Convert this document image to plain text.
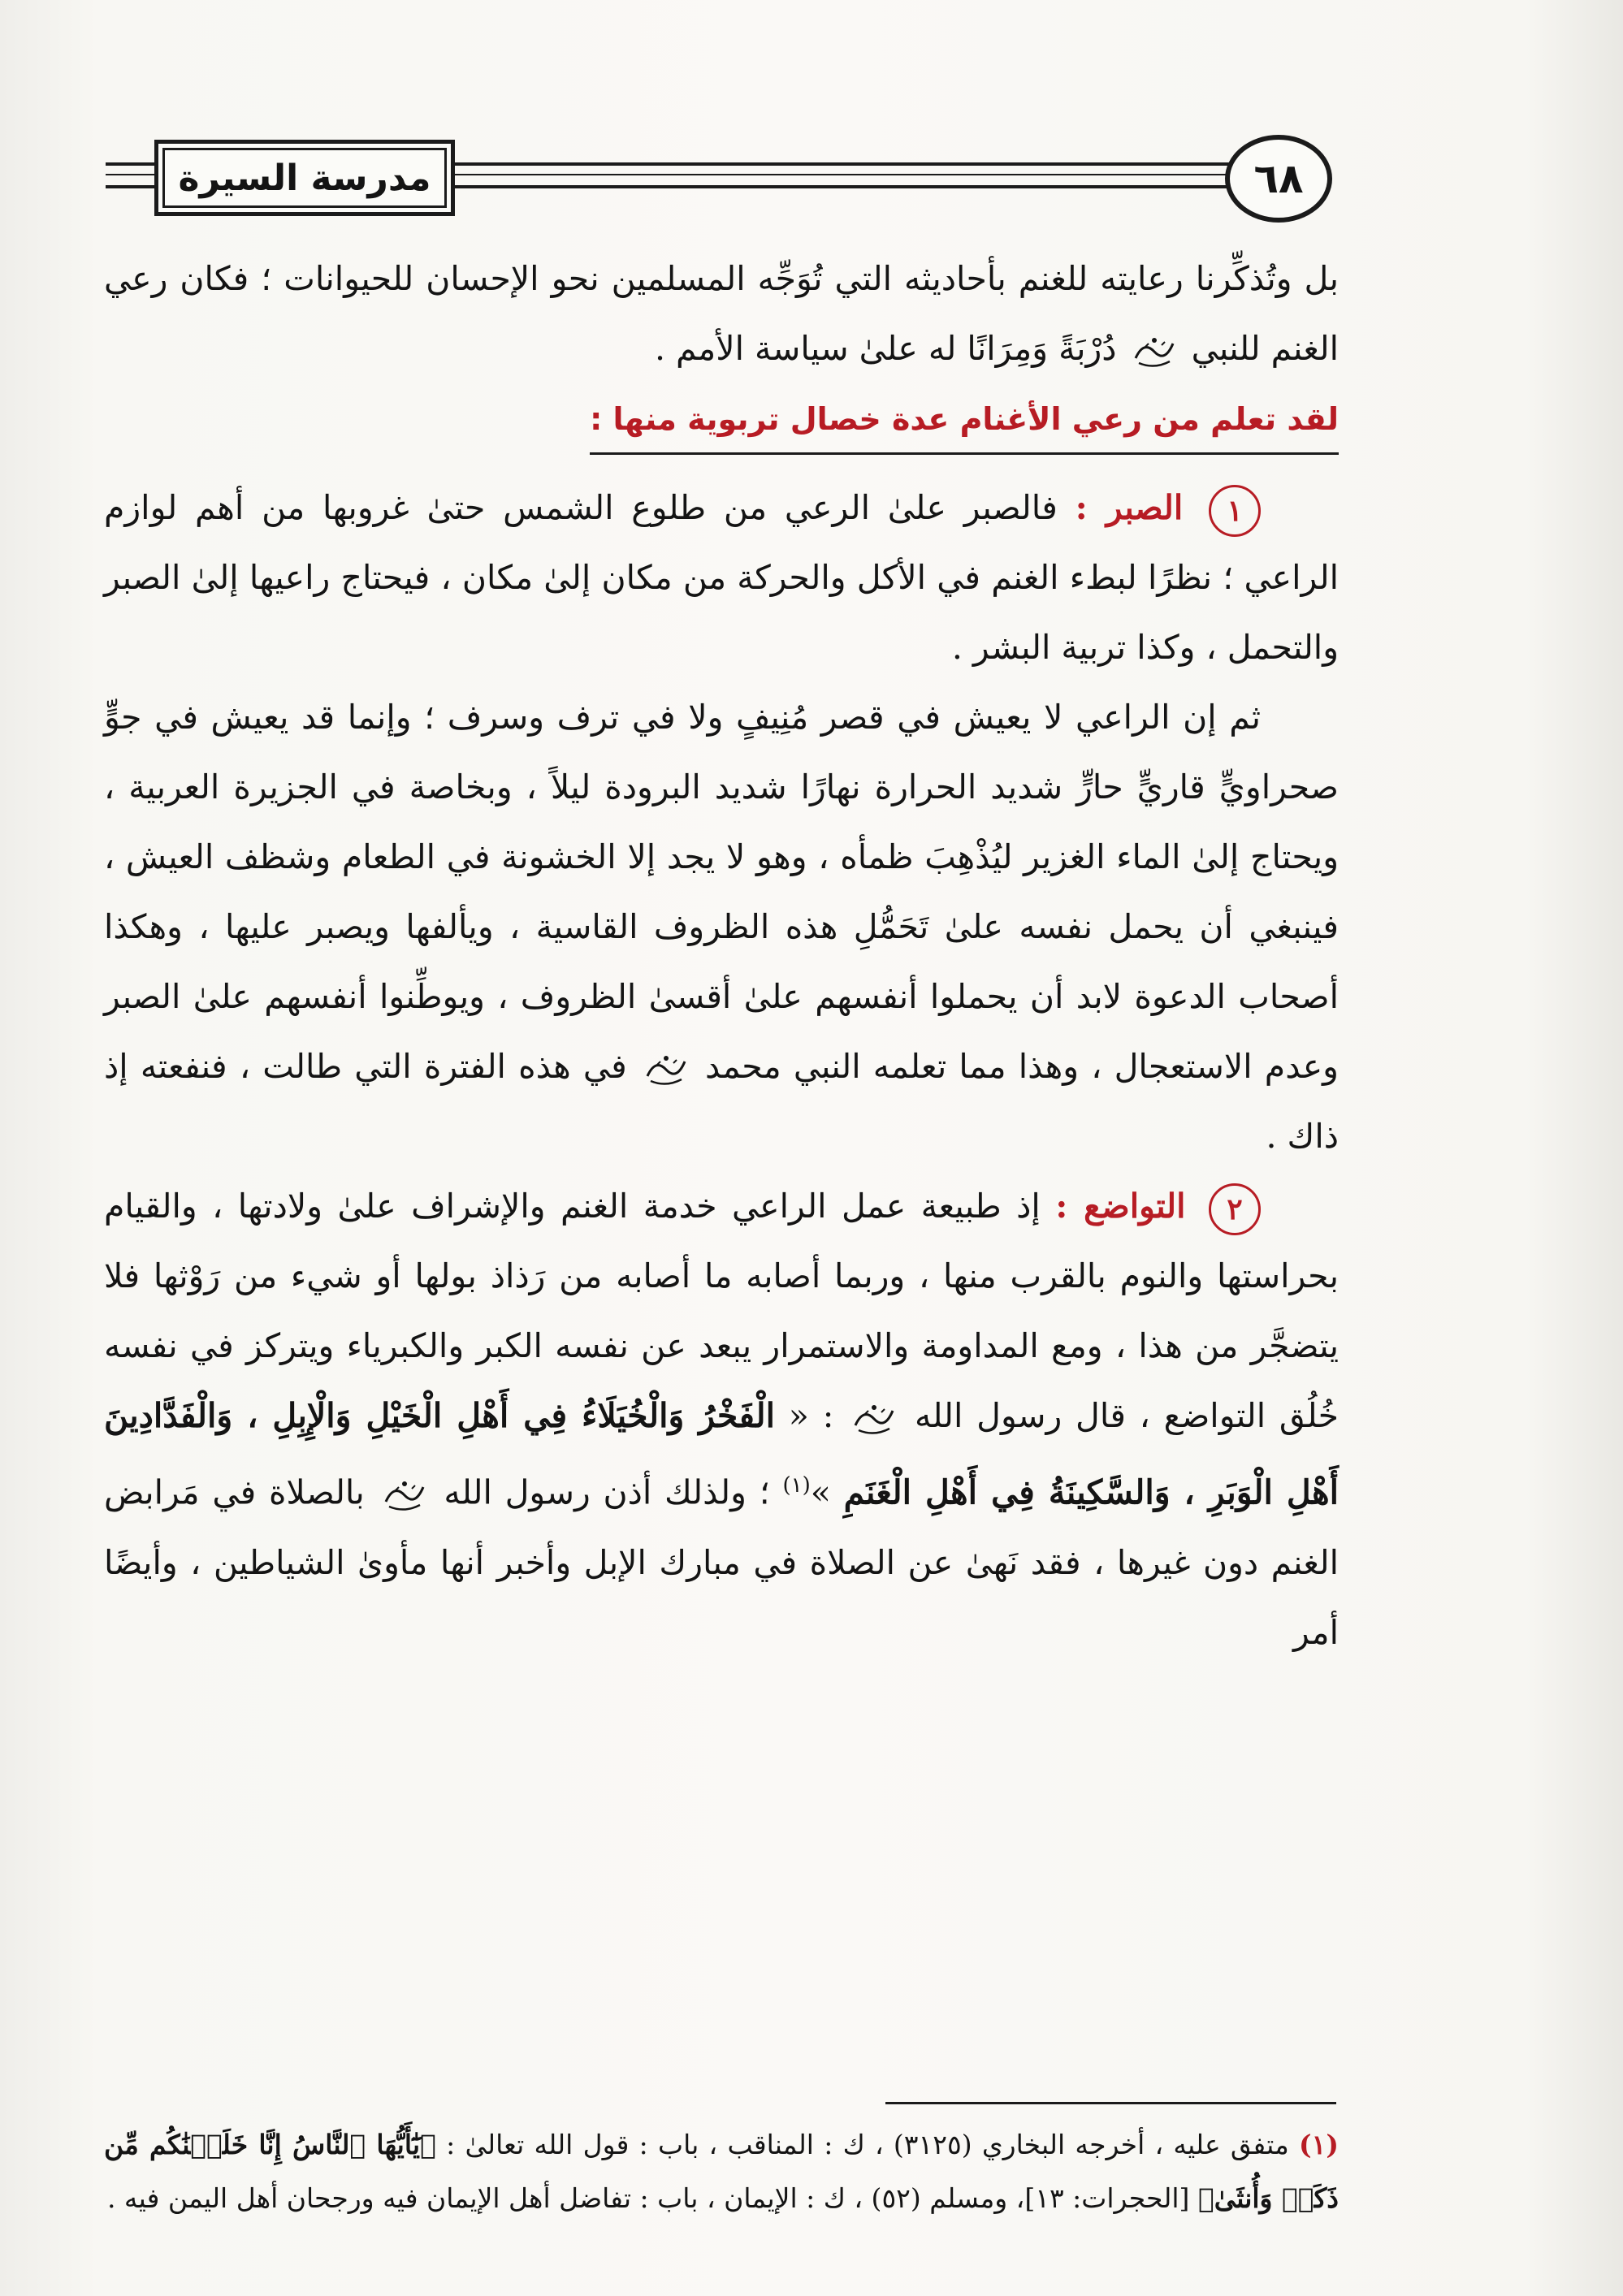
مدرسة السيرة	٦٨

بل وتُذكِّرنا رعايته للغنم بأحاديثه التي تُوَجِّه المسلمين نحو الإحسان للحيوانات ؛ فكان رعي الغنم للنبي  دُرْبَةً وَمِرَانًا له علىٰ سياسة الأمم .

لقد تعلم من رعي الأغنام عدة خصال تربوية منها :

١ الصبر : فالصبر علىٰ الرعي من طلوع الشمس حتىٰ غروبها من أهم لوازم الراعي ؛ نظرًا لبطء الغنم في الأكل والحركة من مكان إلىٰ مكان ، فيحتاج راعيها إلىٰ الصبر والتحمل ، وكذا تربية البشر .

ثم إن الراعي لا يعيش في قصر مُنِيفٍ ولا في ترف وسرف ؛ وإنما قد يعيش في جوٍّ صحراويٍّ قاريٍّ حارٍّ شديد الحرارة نهارًا شديد البرودة ليلاً ، وبخاصة في الجزيرة العربية ، ويحتاج إلىٰ الماء الغزير ليُذْهِبَ ظمأه ، وهو لا يجد إلا الخشونة في الطعام وشظف العيش ، فينبغي أن يحمل نفسه علىٰ تَحَمُّلِ هذه الظروف القاسية ، ويألفها ويصبر عليها ، وهكذا أصحاب الدعوة لابد أن يحملوا أنفسهم علىٰ أقسىٰ الظروف ، ويوطِّنوا أنفسهم علىٰ الصبر وعدم الاستعجال ، وهذا مما تعلمه النبي محمد  في هذه الفترة التي طالت ، فنفعته إذ ذاك .

٢ التواضع : إذ طبيعة عمل الراعي خدمة الغنم والإشراف علىٰ ولادتها ، والقيام بحراستها والنوم بالقرب منها ، وربما أصابه ما أصابه من رَذاذ بولها أو شيء من رَوْثها فلا يتضجَّر من هذا ، ومع المداومة والاستمرار يبعد عن نفسه الكبر والكبرياء ويتركز في نفسه خُلُق التواضع ، قال رسول الله  : « الْفَخْرُ وَالْخُيَلَاءُ فِي أَهْلِ الْخَيْلِ وَالْإِبِلِ ، وَالْفَدَّادِينَ أَهْلِ الْوَبَرِ ، وَالسَّكِينَةُ فِي أَهْلِ الْغَنَمِ »$^{(١)}$ ؛ ولذلك أذن رسول الله  بالصلاة في مَرابض الغنم دون غيرها ، فقد نَهىٰ عن الصلاة في مبارك الإبل وأخبر أنها مأوىٰ الشياطين ، وأيضًا أمر

(١) متفق عليه ، أخرجه البخاري (٣١٢٥) ، ك : المناقب ، باب : قول الله تعالىٰ : ﴿يَٰٓأَيُّهَا ٱلنَّاسُ إِنَّا خَلَقۡنَٰكُم مِّن ذَكَرٖ وَأُنثَىٰ﴾ [الحجرات: ١٣]، ومسلم (٥٢) ، ك : الإيمان ، باب : تفاضل أهل الإيمان فيه ورجحان أهل اليمن فيه .
